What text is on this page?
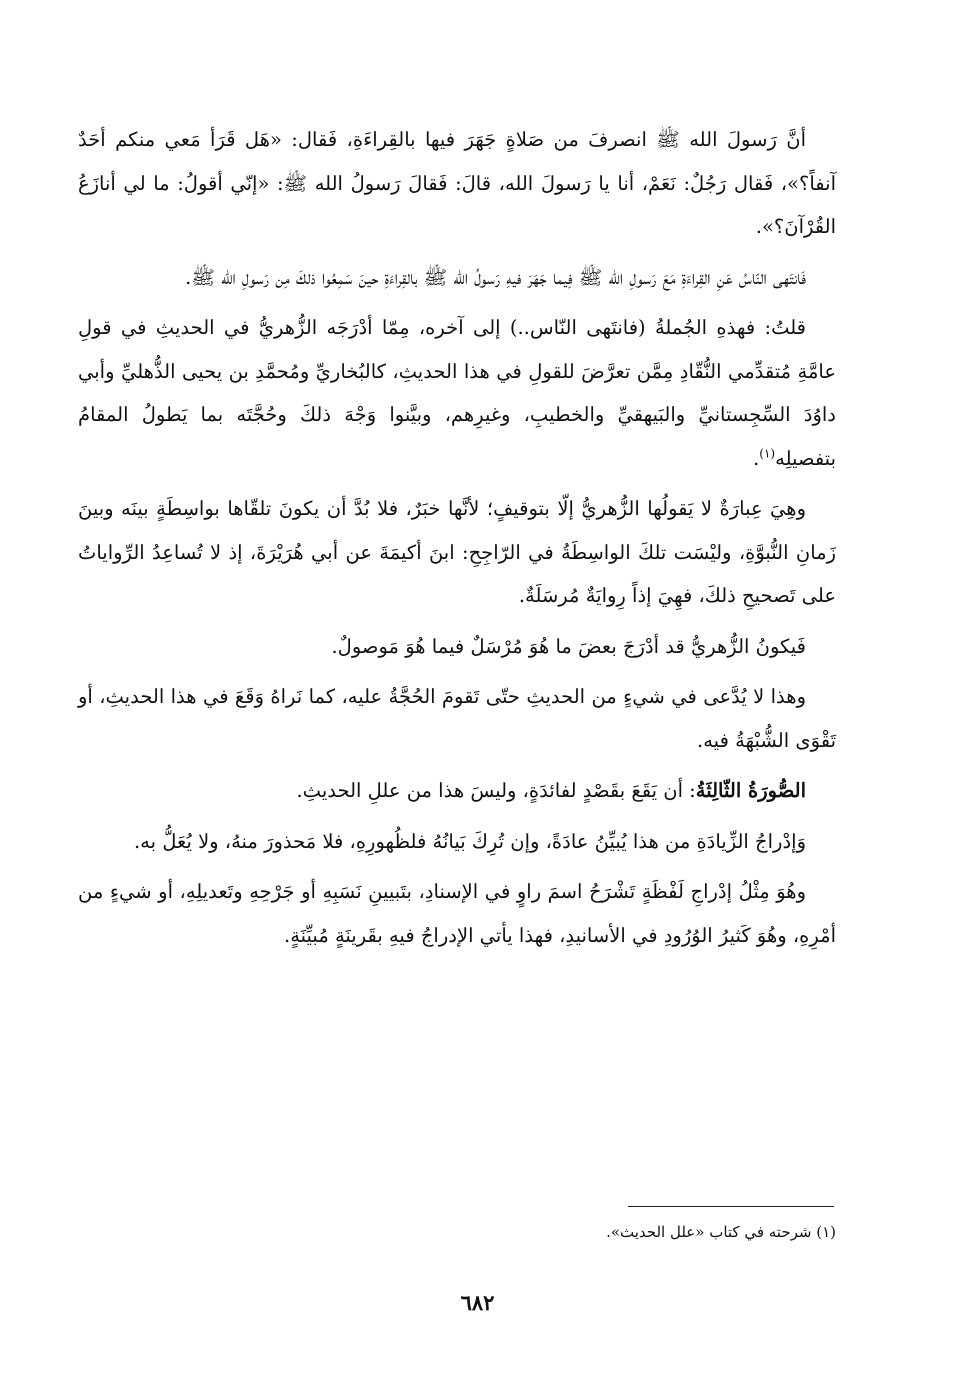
أنَّ رَسولَ الله ﷺ انصرفَ من صَلاةٍ جَهَرَ فيها بالقِراءَةِ، فَقال: «هَل قَرَأ مَعي منكم أحَدٌ آنفاً؟»، فَقال رَجُلٌ: نَعَمْ، أنا يا رَسولَ الله، قالَ: فَقالَ رَسولُ الله ﷺ: «إنّي أقولُ: ما لي أنازَعُ القُرْآنَ؟».

فَانتَهى النّاسُ عَنِ القِراءَةِ مَعَ رَسولِ الله ﷺ فِيما جَهَرَ فيهِ رَسولُ الله ﷺ بالقِراءَةِ حينَ سَمِعُوا ذلكَ مِن رَسولِ الله ﷺ.

قلتُ: فهذهِ الجُملةُ (فانتَهى النّاس..) إلى آخره، مِمّا أدْرَجَه الزُّهريُّ في الحديثِ في قولِ عامَّةِ مُتقدِّمي النُّقّادِ مِمَّن تعرَّضَ للقولِ في هذا الحديثِ، كالبُخاريِّ ومُحمَّدِ بن يحيى الذُّهليِّ وأبي داوُدَ السِّجِستانيِّ والبَيهقيِّ والخطيبِ، وغيرِهم، وبيَّنوا وَجْهَ ذلكَ وحُجَّتَه بما يَطولُ المقامُ بتفصيلِه$^{(١)}$.

وهِيَ عِبارَةٌ لا يَقولُها الزُّهريُّ إلّا بتوقيفٍ؛ لأنَّها خبَرٌ، فلا بُدَّ أن يكونَ تلقّاها بواسِطَةٍ بينَه وبينَ زَمانِ النُّبوَّةِ، وليْسَت تلكَ الواسِطَةُ في الرّاجِحِ: ابنَ أكيمَةَ عن أبي هُرَيْرَةَ، إذ لا تُساعِدُ الرِّواياتُ على تَصحيحِ ذلكَ، فهِيَ إذاً رِوايَةٌ مُرسَلَةٌ.

فَيكونُ الزُّهريُّ قد أدْرَجَ بعضَ ما هُوَ مُرْسَلٌ فيما هُوَ مَوصولٌ.

وهذا لا يُدَّعى في شيءٍ من الحديثِ حتّى تَقومَ الحُجَّةُ عليه، كما نَراهُ وَقَعَ في هذا الحديثِ، أو تَقْوَى الشُّبْهَةُ فيه.

الصُّورَةُ الثّالِثَةُ: أن يَقَعَ بقَصْدٍ لفائدَةٍ، وليسَ هذا من عللِ الحديثِ.

وَإدْراجُ الزِّيادَةِ من هذا يُبيِّنُ عادَةً، وإن تُرِكَ بَيانُهُ فلظُهورِهِ، فلا مَحذورَ منهُ، ولا يُعَلُّ به.

وهُوَ مِثْلُ إدْراجِ لَفْظَةٍ تَشْرَحُ اسمَ راوٍ في الإسنادِ، بتَبيينِ نَسَبِهِ أو جَرْحِهِ وتَعديلِهِ، أو شيءٍ من أمْرِهِ، وهُوَ كَثيرُ الوُرُودِ في الأسانيدِ، فهذا يأتي الإدراجُ فيهِ بقَرينَةٍ مُبيِّنَةٍ.

(١) شرحته في كتاب «علل الحديث».
٦٨٢
